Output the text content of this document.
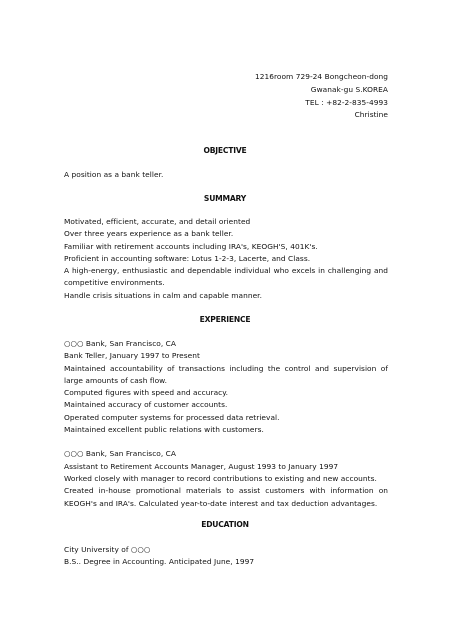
1216room 729-24 Bongcheon-dong

Gwanak-gu S.KOREA

TEL : +82-2-835-4993

Christine

OBJECTIVE

A position as a bank teller.

SUMMARY

Motivated, efficient, accurate, and detail oriented

Over three years experience as a bank teller.

Familiar with retirement accounts including IRA's, KEOGH'S, 401K's.

Proficient in accounting software: Lotus 1-2-3, Lacerte, and Class.

A high-energy, enthusiastic and dependable individual who excels in challenging and competitive environments.

Handle crisis situations in calm and capable manner.

EXPERIENCE

○○○ Bank, San Francisco, CA

Bank Teller, January 1997 to Present

Maintained accountability of transactions including the control and supervision of large amounts of cash flow.

Computed figures with speed and accuracy.

Maintained accuracy of customer accounts.

Operated computer systems for processed data retrieval.

Maintained excellent public relations with customers.

○○○ Bank, San Francisco, CA

Assistant to Retirement Accounts Manager, August 1993 to January 1997

Worked closely with manager to record contributions to existing and new accounts.

Created in-house promotional materials to assist customers with information on KEOGH's and IRA's. Calculated year-to-date interest and tax deduction advantages.

EDUCATION

City University of ○○○

B.S.. Degree in Accounting. Anticipated June, 1997
